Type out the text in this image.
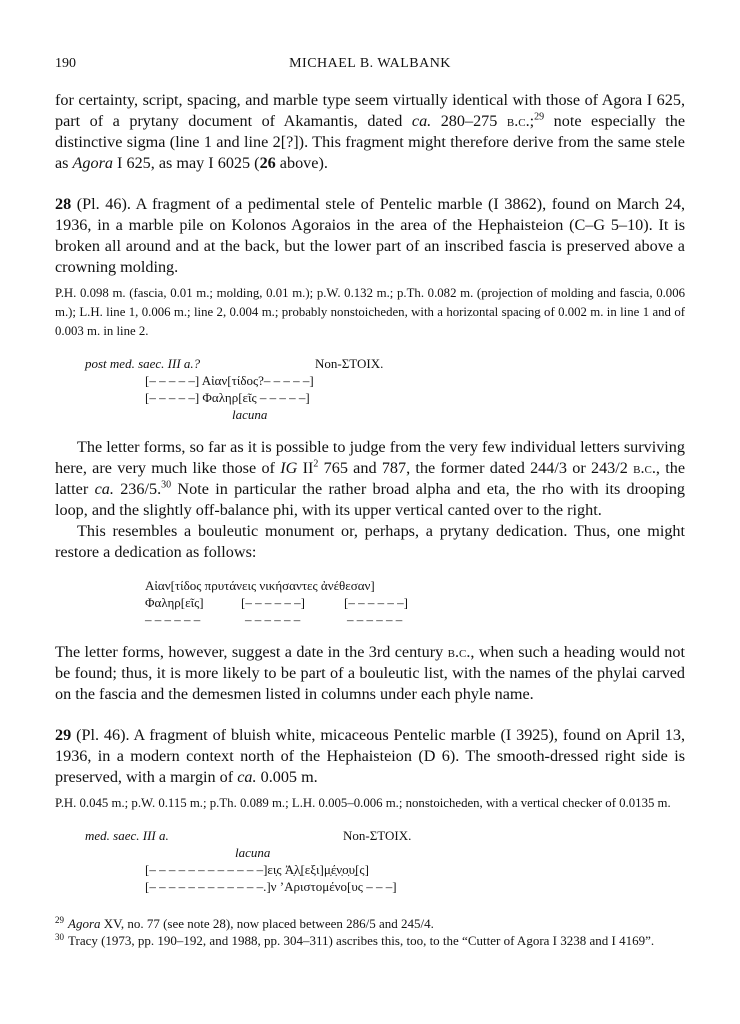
190	MICHAEL B. WALBANK

for certainty, script, spacing, and marble type seem virtually identical with those of Agora I 625, part of a prytany document of Akamantis, dated ca. 280–275 b.c.;$^{29}$ note especially the distinctive sigma (line 1 and line 2[?]). This fragment might therefore derive from the same stele as Agora I 625, as may I 6025 (26 above).

28 (Pl. 46). A fragment of a pedimental stele of Pentelic marble (I 3862), found on March 24, 1936, in a marble pile on Kolonos Agoraios in the area of the Hephaisteion (C–G 5–10). It is broken all around and at the back, but the lower part of an inscribed fascia is preserved above a crowning molding.

P.H. 0.098 m. (fascia, 0.01 m.; molding, 0.01 m.); p.W. 0.132 m.; p.Th. 0.082 m. (projection of molding and fascia, 0.006 m.); L.H. line 1, 0.006 m.; line 2, 0.004 m.; probably nonstoicheden, with a horizontal spacing of 0.002 m. in line 1 and of 0.003 m. in line 2.

post med. saec. III a.?	Non-ΣΤΟΙΧ.
[– – – – –] Αἰαν[τίδος?– – – – –]
[– – – – –] Φαληρ[εῖς – – – – –]
lacuna

The letter forms, so far as it is possible to judge from the very few individual letters surviving here, are very much like those of IG $II^2$ 765 and 787, the former dated 244/3 or 243/2 b.c., the latter ca. 236/5.30 Note in particular the rather broad alpha and eta, the rho with its drooping loop, and the slightly off-balance phi, with its upper vertical canted over to the right.

This resembles a bouleutic monument or, perhaps, a prytany dedication. Thus, one might restore a dedication as follows:

Αἰαν[τίδος πρυτάνεις νικήσαντες ἀνέθεσαν]
Φαληρ[εῖς]	[– – – – – –]	[– – – – – –]
– – – – – –	– – – – – –	– – – – – –

The letter forms, however, suggest a date in the 3rd century b.c., when such a heading would not be found; thus, it is more likely to be part of a bouleutic list, with the names of the phylai carved on the fascia and the demesmen listed in columns under each phyle name.

29 (Pl. 46). A fragment of bluish white, micaceous Pentelic marble (I 3925), found on April 13, 1936, in a modern context north of the Hephaisteion (D 6). The smooth-dressed right side is preserved, with a margin of ca. 0.005 m.

P.H. 0.045 m.; p.W. 0.115 m.; p.Th. 0.089 m.; L.H. 0.005–0.006 m.; nonstoicheden, with a vertical checker of 0.0135 m.

med. saec. III a.	Non-ΣΤΟΙΧ.
lacuna
[– – – – – – – – – – – –]ει̣ς Ἀ̣λ̣[εξι]μ̣έ̣ν̣ο̣υ̣[ς]
[– – – – – – – – – – – –.]ν ʼΑριστομένο[υς – – –]

$^{29}$ Agora XV, no. 77 (see note 28), now placed between 286/5 and 245/4.

$^{30}$ Tracy (1973, pp. 190–192, and 1988, pp. 304–311) ascribes this, too, to the “Cutter of Agora I 3238 and I 4169”.
